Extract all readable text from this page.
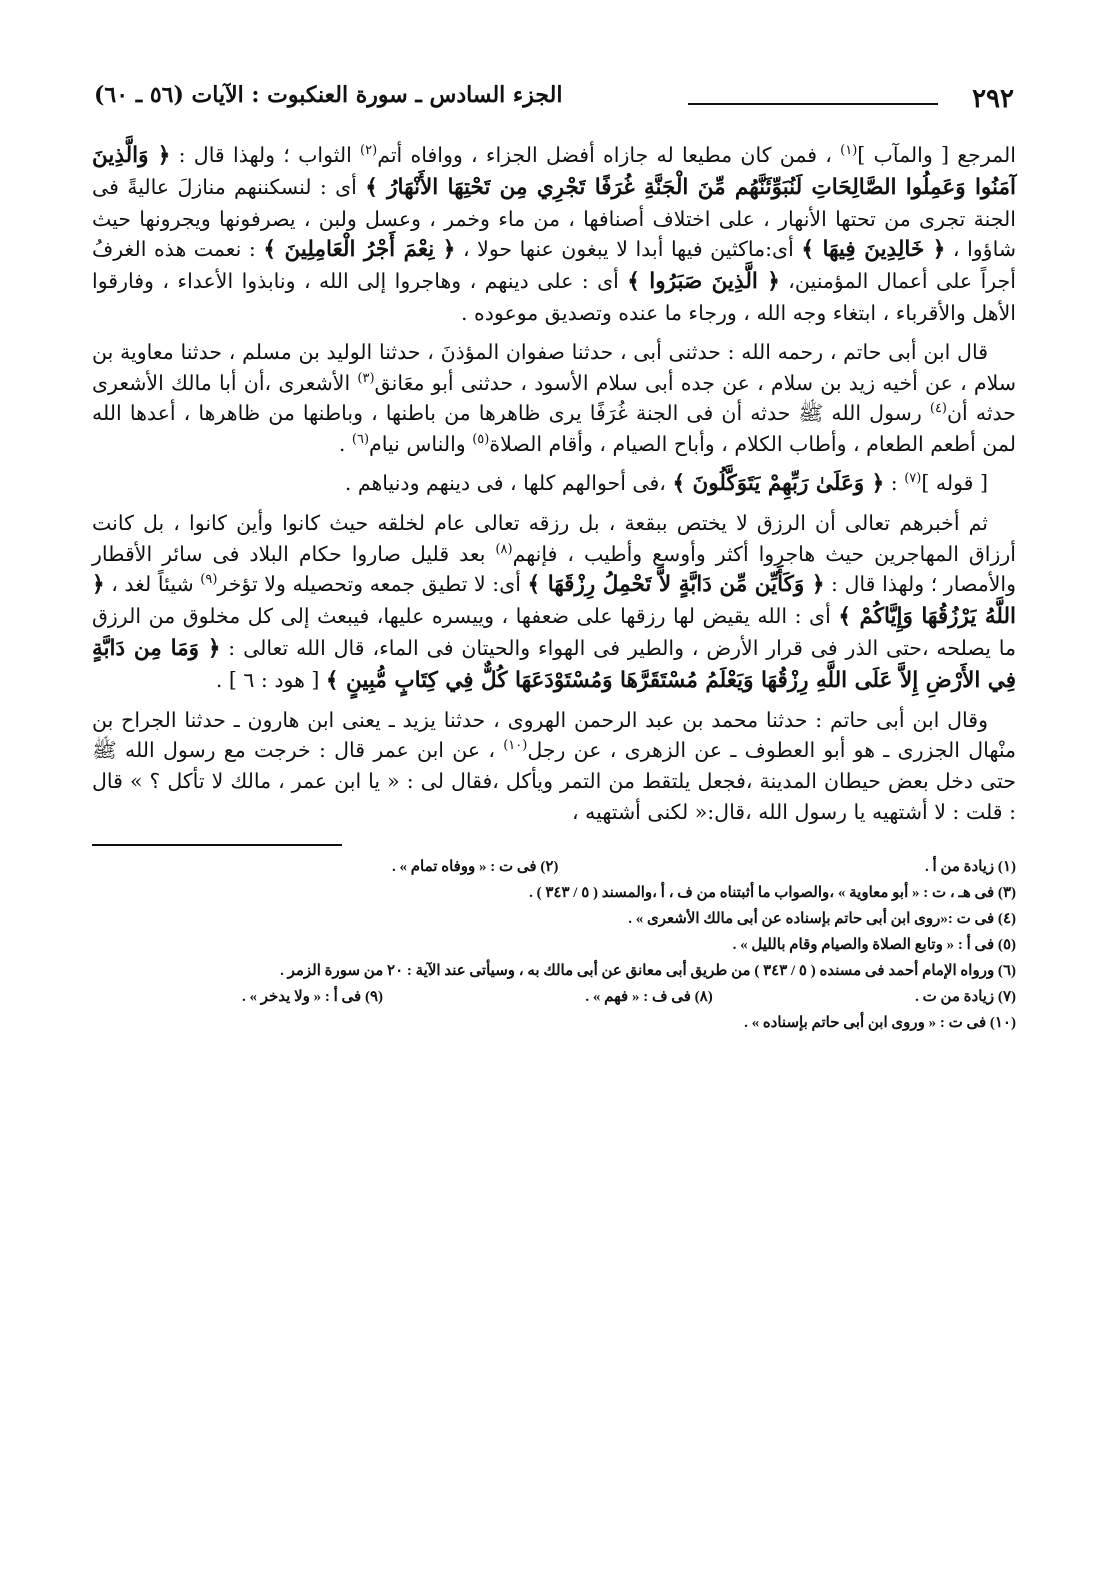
٢٩٢
الجزء السادس ـ سورة العنكبوت : الآيات (٥٦ ـ ٦٠)

المرجع [ والمآب ]$^{(١)}$ ، فمن كان مطيعا له جازاه أفضل الجزاء ، ووافاه أتم$^{(٢)}$ الثواب ؛ ولهذا قال : ﴿ وَالَّذِينَ آمَنُوا وَعَمِلُوا الصَّالِحَاتِ لَنُبَوِّئَنَّهُم مِّنَ الْجَنَّةِ غُرَفًا تَجْرِي مِن تَحْتِهَا الأَنْهَارُ ﴾ أى : لنسكننهم منازلَ عاليةً فى الجنة تجرى من تحتها الأنهار ، على اختلاف أصنافها ، من ماء وخمر ، وعسل ولبن ، يصرفونها ويجرونها حيث شاؤوا ، ﴿ خَالِدِينَ فِيهَا ﴾ أى:ماكثين فيها أبدا لا يبغون عنها حولا ، ﴿ نِعْمَ أَجْرُ الْعَامِلِينَ ﴾ : نعمت هذه الغرفُ أجراً على أعمال المؤمنين، ﴿ الَّذِينَ صَبَرُوا ﴾ أى : على دينهم ، وهاجروا إلى الله ، ونابذوا الأعداء ، وفارقوا الأهل والأقرباء ، ابتغاء وجه الله ، ورجاء ما عنده وتصديق موعوده .

قال ابن أبى حاتم ، رحمه الله : حدثنى أبى ، حدثنا صفوان المؤذنَ ، حدثنا الوليد بن مسلم ، حدثنا معاوية بن سلام ، عن أخيه زيد بن سلام ، عن جده أبى سلام الأسود ، حدثنى أبو معَانق$^{(٣)}$ الأشعرى ،أن أبا مالك الأشعرى حدثه أن$^{(٤)}$ رسول الله ﷺ حدثه أن فى الجنة غُرَفًا يرى ظاهرها من باطنها ، وباطنها من ظاهرها ، أعدها الله لمن أطعم الطعام ، وأطاب الكلام ، وأباح الصيام ، وأقام الصلاة$^{(٥)}$ والناس نيام$^{(٦)}$ .

[ قوله ]$^{(٧)}$ : ﴿ وَعَلَىٰ رَبِّهِمْ يَتَوَكَّلُونَ ﴾ ،فى أحوالهم كلها ، فى دينهم ودنياهم .

ثم أخبرهم تعالى أن الرزق لا يختص ببقعة ، بل رزقه تعالى عام لخلقه حيث كانوا وأين كانوا ، بل كانت أرزاق المهاجرين حيث هاجروا أكثر وأوسع وأطيب ، فإنهم$^{(٨)}$ بعد قليل صاروا حكام البلاد فى سائر الأقطار والأمصار ؛ ولهذا قال : ﴿ وَكَأَيِّن مِّن دَابَّةٍ لاَّ تَحْمِلُ رِزْقَهَا ﴾ أى: لا تطيق جمعه وتحصيله ولا تؤخر$^{(٩)}$ شيئاً لغد ، ﴿ اللَّهُ يَرْزُقُهَا وَإِيَّاكُمْ ﴾ أى : الله يقيض لها رزقها على ضعفها ، وييسره عليها، فيبعث إلى كل مخلوق من الرزق ما يصلحه ،حتى الذر فى قرار الأرض ، والطير فى الهواء والحيتان فى الماء، قال الله تعالى : ﴿ وَمَا مِن دَابَّةٍ فِي الأَرْضِ إِلاَّ عَلَى اللَّهِ رِزْقُهَا وَيَعْلَمُ مُسْتَقَرَّهَا وَمُسْتَوْدَعَهَا كُلٌّ فِي كِتَابٍ مُّبِينٍ ﴾ [ هود : ٦ ] .

وقال ابن أبى حاتم : حدثنا محمد بن عبد الرحمن الهروى ، حدثنا يزيد ـ يعنى ابن هارون ـ حدثنا الجراح بن منْهال الجزرى ـ هو أبو العطوف ـ عن الزهرى ، عن رجل$^{(١٠)}$ ، عن ابن عمر قال : خرجت مع رسول الله ﷺ حتى دخل بعض حيطان المدينة ،فجعل يلتقط من التمر ويأكل ،فقال لى : « يا ابن عمر ، مالك لا تأكل ؟ » قال : قلت : لا أشتهيه يا رسول الله ،قال:« لكنى أشتهيه ،

(١) زيادة من أ .
(٢) فى ت : « ووفاه تمام » .
(٣) فى هـ ، ت : « أبو معاوية » ،والصواب ما أثبتناه من ف ، أ ،والمسند ( ٥ / ٣٤٣ ) .
(٤) فى ت :«روى ابن أبى حاتم بإسناده عن أبى مالك الأشعرى » .
(٥) فى أ : « وتابع الصلاة والصيام وقام بالليل » .
(٦) ورواه الإمام أحمد فى مسنده ( ٥ / ٣٤٣ ) من طريق أبى معانق عن أبى مالك به ، وسيأتى عند الآية : ٢٠ من سورة الزمر .
(٧) زيادة من ت .
(٨) فى ف : « فهم » .
(٩) فى أ : « ولا يدخر » .
(١٠) فى ت : « وروى ابن أبى حاتم بإسناده » .
